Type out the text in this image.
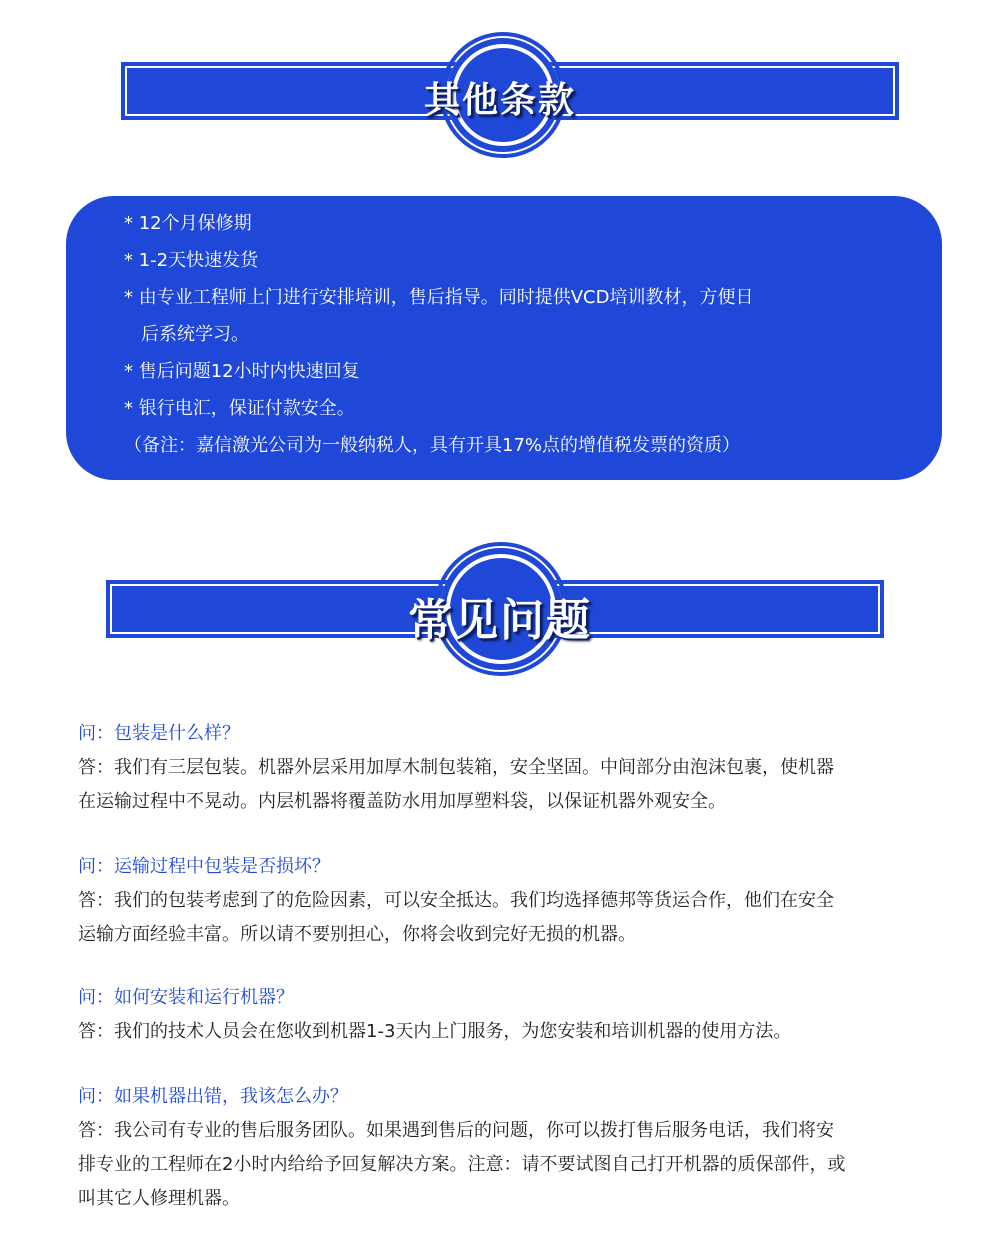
其他条款
* 12个月保修期
* 1-2天快速发货
* 由专业工程师上门进行安排培训，售后指导。同时提供VCD培训教材，方便日
后系统学习。
* 售后问题12小时内快速回复
* 银行电汇，保证付款安全。
（备注：嘉信激光公司为一般纳税人，具有开具17%点的增值税发票的资质）
常见问题
问：包装是什么样？
答：我们有三层包装。机器外层采用加厚木制包装箱，安全坚固。中间部分由泡沫包裹，使机器
在运输过程中不晃动。内层机器将覆盖防水用加厚塑料袋，以保证机器外观安全。
问：运输过程中包装是否损坏？
答：我们的包装考虑到了的危险因素，可以安全抵达。我们均选择德邦等货运合作，他们在安全
运输方面经验丰富。所以请不要别担心，你将会收到完好无损的机器。
问：如何安装和运行机器？
答：我们的技术人员会在您收到机器1-3天内上门服务，为您安装和培训机器的使用方法。
问：如果机器出错，我该怎么办？
答：我公司有专业的售后服务团队。如果遇到售后的问题，你可以拨打售后服务电话，我们将安
排专业的工程师在2小时内给给予回复解决方案。注意：请不要试图自己打开机器的质保部件，或
叫其它人修理机器。
